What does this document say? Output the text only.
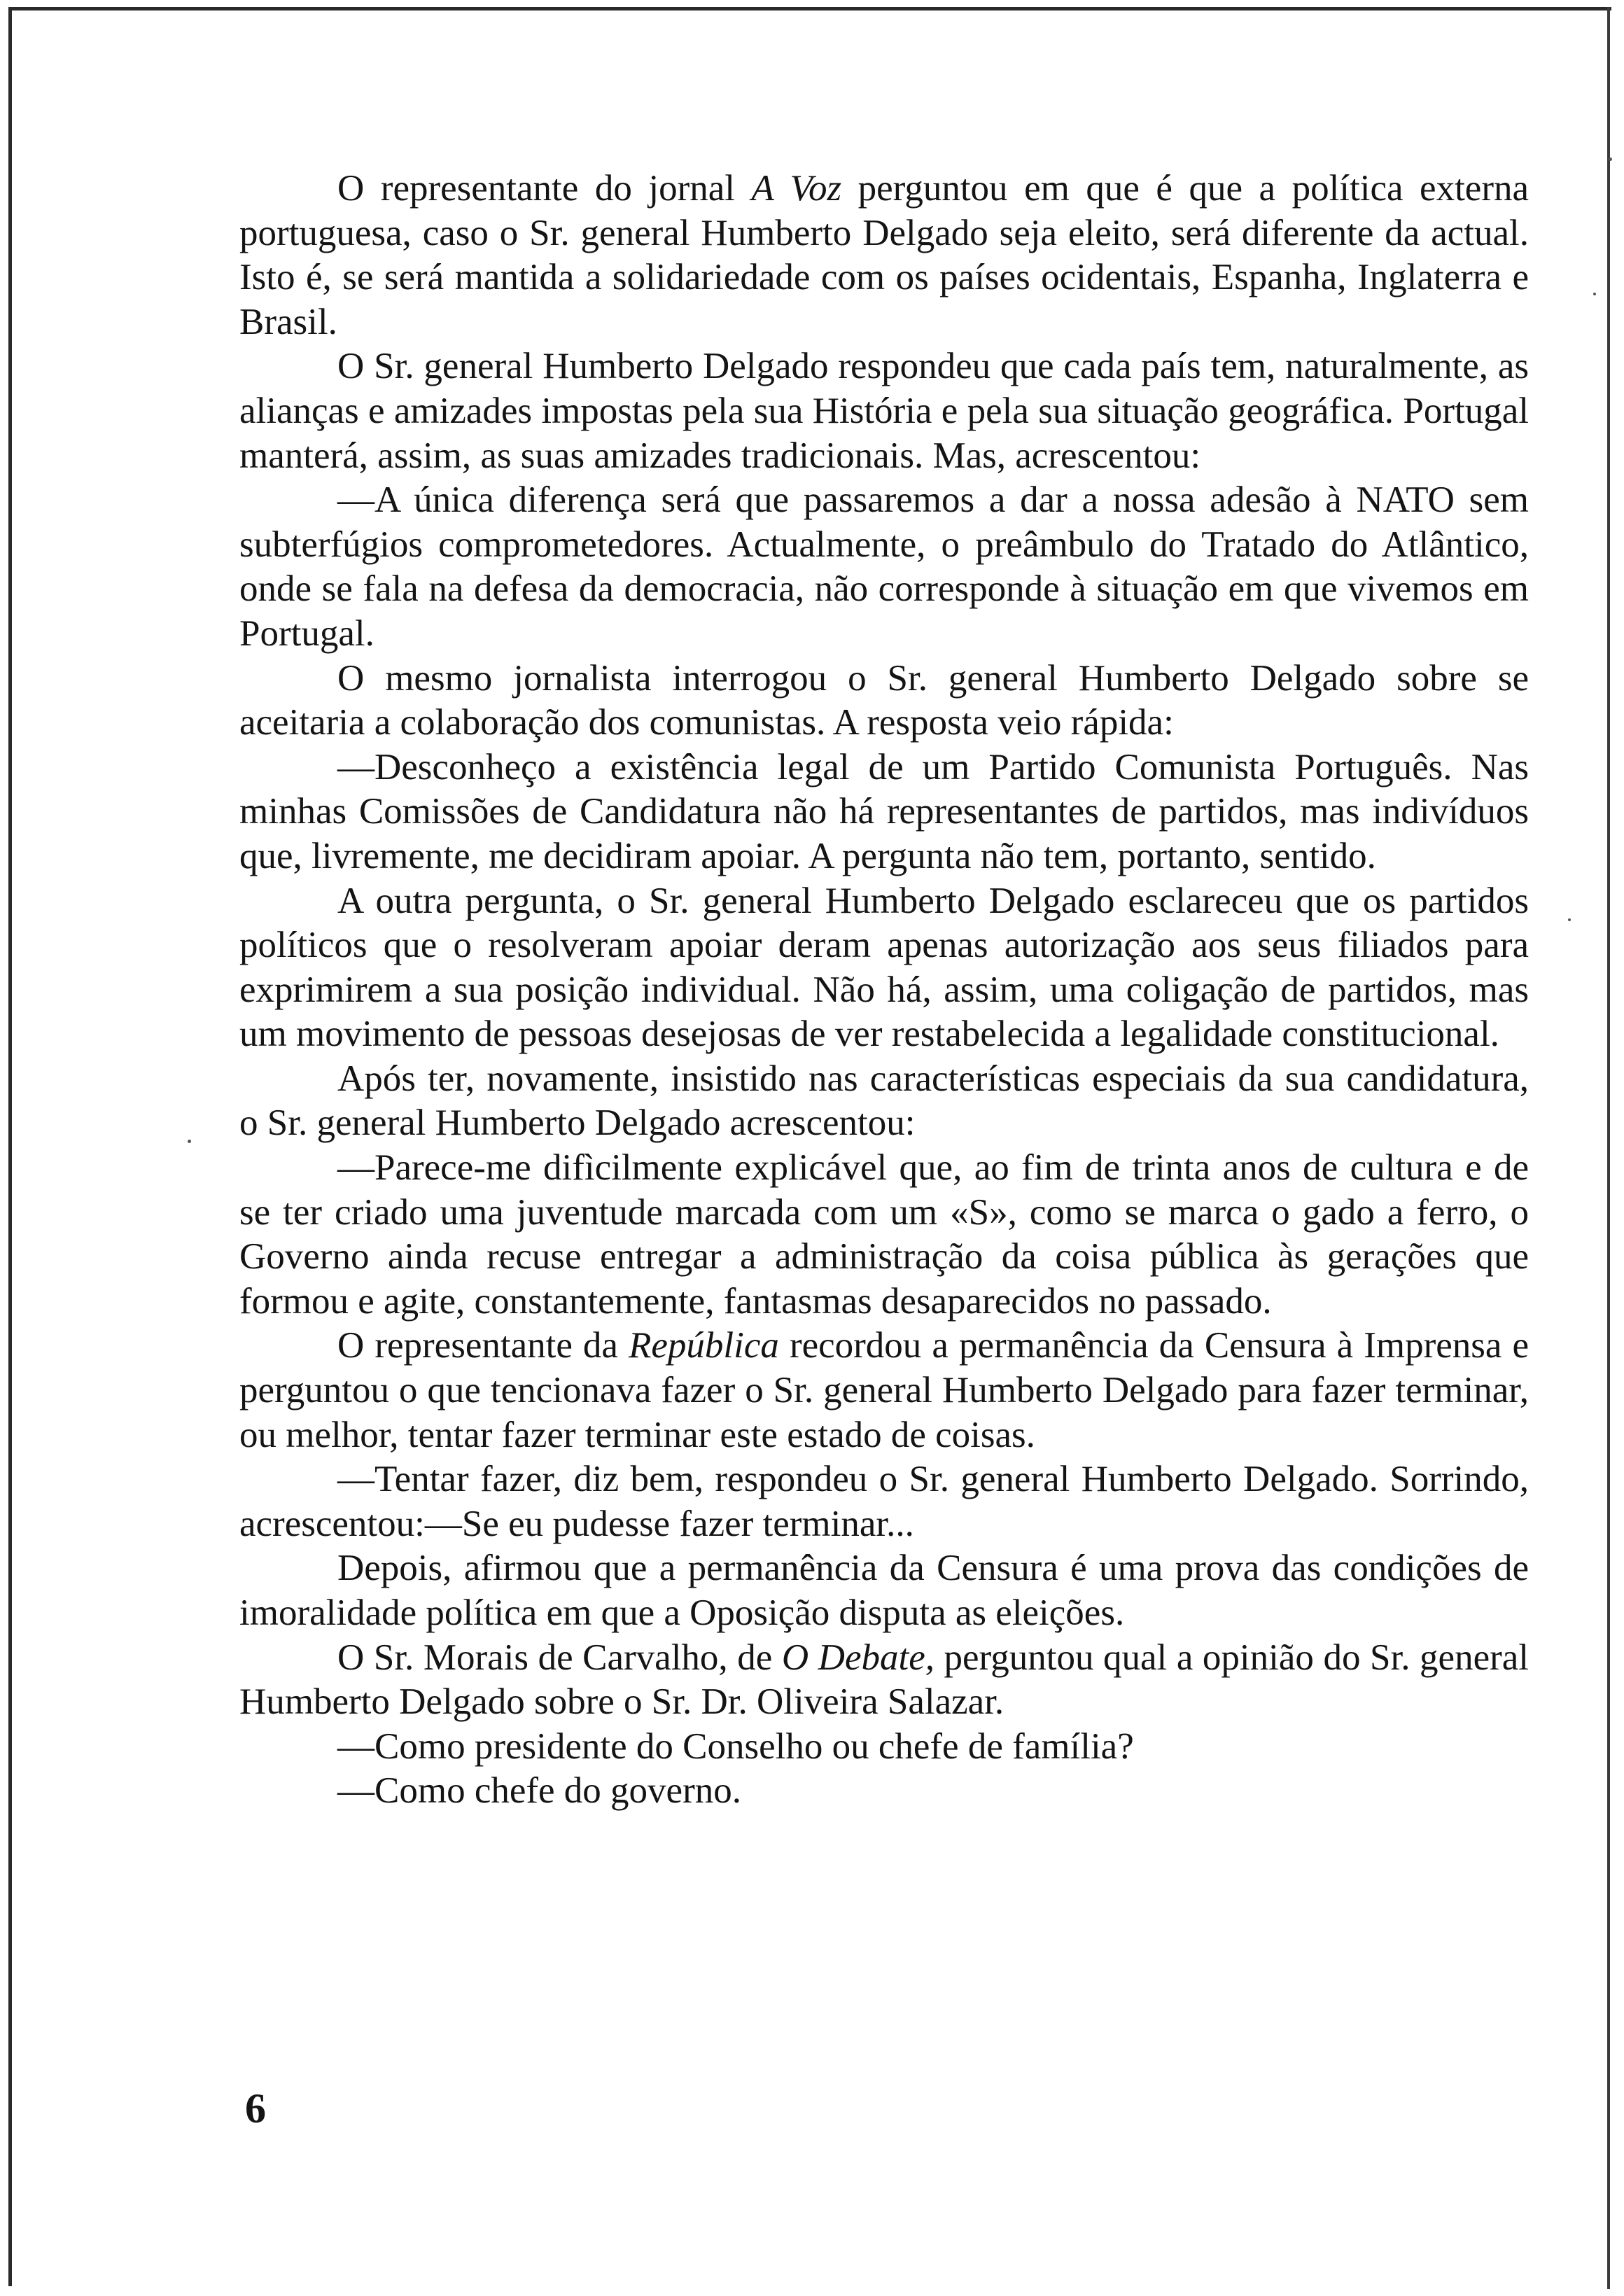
O representante do jornal A Voz perguntou em que é que a política externa portuguesa, caso o Sr. general Humberto Delgado seja eleito, será diferente da actual. Isto é, se será mantida a solidariedade com os países ocidentais, Espanha, Inglaterra e Brasil.

O Sr. general Humberto Delgado respondeu que cada país tem, naturalmente, as alianças e amizades impostas pela sua História e pela sua situação geográfica. Portugal manterá, assim, as suas amizades tradicionais. Mas, acrescentou:

—A única diferença será que passaremos a dar a nossa adesão à NATO sem subterfúgios comprometedores. Actualmente, o preâmbulo do Tratado do Atlântico, onde se fala na defesa da democracia, não corresponde à situação em que vivemos em Portugal.

O mesmo jornalista interrogou o Sr. general Humberto Delgado sobre se aceitaria a colaboração dos comunistas. A resposta veio rápida:

—Desconheço a existência legal de um Partido Comunista Português. Nas minhas Comissões de Candidatura não há representantes de partidos, mas indivíduos que, livremente, me decidiram apoiar. A pergunta não tem, portanto, sentido.

A outra pergunta, o Sr. general Humberto Delgado esclareceu que os partidos políticos que o resolveram apoiar deram apenas autorização aos seus filiados para exprimirem a sua posição individual. Não há, assim, uma coligação de partidos, mas um movimento de pessoas desejosas de ver restabelecida a legalidade constitucional.

Após ter, novamente, insistido nas características especiais da sua candidatura, o Sr. general Humberto Delgado acrescentou:

—Parece-me difìcilmente explicável que, ao fim de trinta anos de cultura e de se ter criado uma juventude marcada com um «S», como se marca o gado a ferro, o Governo ainda recuse entregar a administração da coisa pública às gerações que formou e agite, constantemente, fantasmas desaparecidos no passado.

O representante da República recordou a permanência da Censura à Imprensa e perguntou o que tencionava fazer o Sr. general Humberto Delgado para fazer terminar, ou melhor, tentar fazer terminar este estado de coisas.

—Tentar fazer, diz bem, respondeu o Sr. general Humberto Delgado. Sorrindo, acrescentou:—Se eu pudesse fazer terminar...

Depois, afirmou que a permanência da Censura é uma prova das condições de imoralidade política em que a Oposição disputa as eleições.

O Sr. Morais de Carvalho, de O Debate, perguntou qual a opinião do Sr. general Humberto Delgado sobre o Sr. Dr. Oliveira Salazar.

—Como presidente do Conselho ou chefe de família?

—Como chefe do governo.

6
